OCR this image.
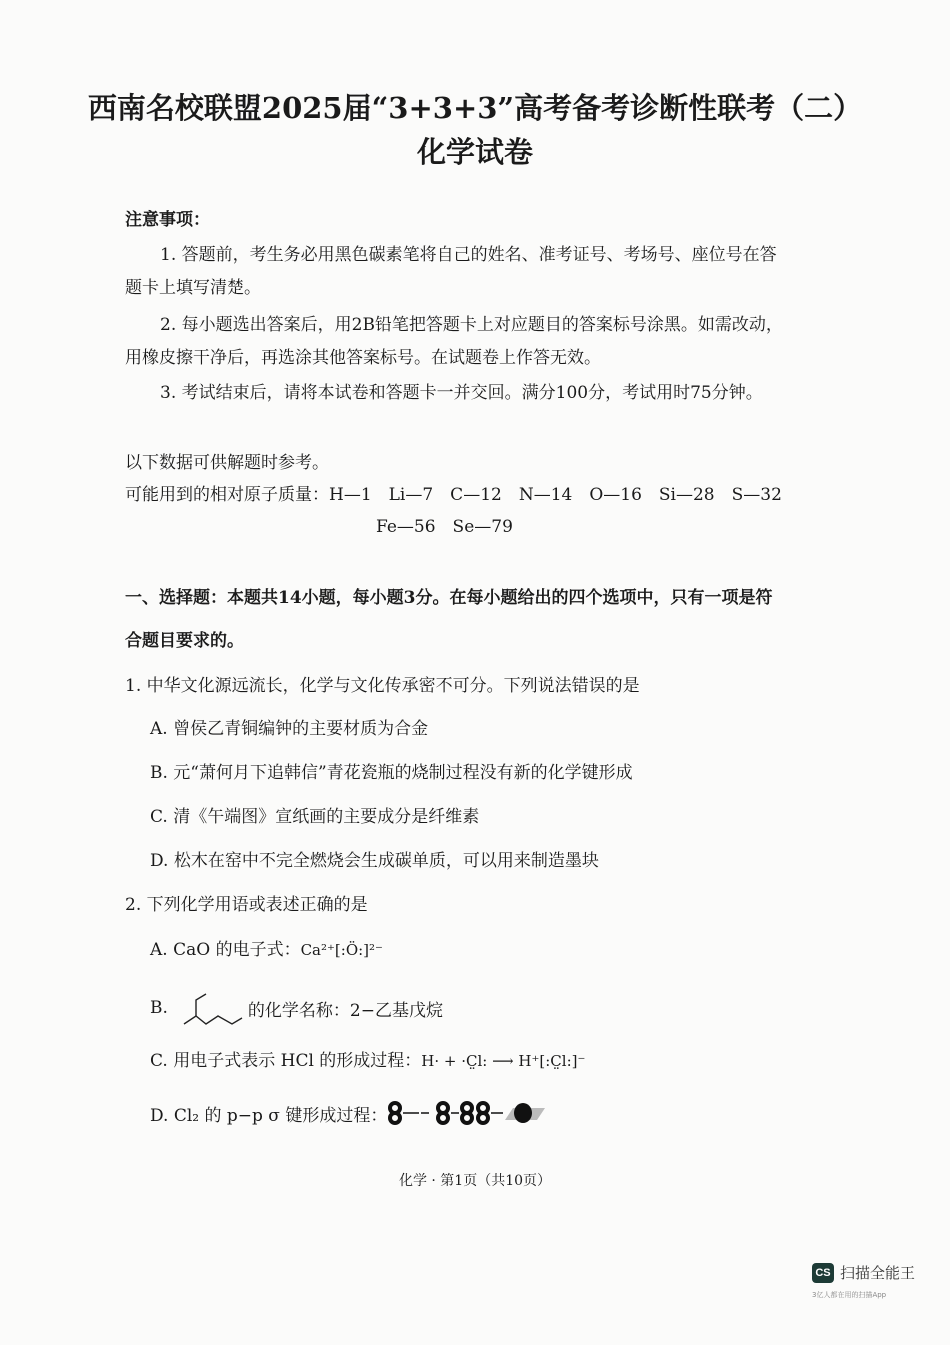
西南名校联盟2025届“3+3+3”高考备考诊断性联考（二）
化学试卷
注意事项：
1. 答题前，考生务必用黑色碳素笔将自己的姓名、准考证号、考场号、座位号在答
题卡上填写清楚。
2. 每小题选出答案后，用2B铅笔把答题卡上对应题目的答案标号涂黑。如需改动，
用橡皮擦干净后，再选涂其他答案标号。在试题卷上作答无效。
3. 考试结束后，请将本试卷和答题卡一并交回。满分100分，考试用时75分钟。
以下数据可供解题时参考。
可能用到的相对原子质量：H—1　Li—7　C—12　N—14　O—16　Si—28　S—32
Fe—56　Se—79
一、选择题：本题共14小题，每小题3分。在每小题给出的四个选项中，只有一项是符
合题目要求的。
1. 中华文化源远流长，化学与文化传承密不可分。下列说法错误的是
A. 曾侯乙青铜编钟的主要材质为合金
B. 元“萧何月下追韩信”青花瓷瓶的烧制过程没有新的化学键形成
C. 清《午端图》宣纸画的主要成分是纤维素
D. 松木在窑中不完全燃烧会生成碳单质，可以用来制造墨块
2. 下列化学用语或表述正确的是
A. CaO 的电子式：Ca²⁺[:Ö:]²⁻
B.	的化学名称：2−乙基戊烷
C. 用电子式表示 HCl 的形成过程：H· + ·C̤l: ⟶ H⁺[:C̤l:]⁻
D. Cl₂ 的 p−p σ 键形成过程：
化学 · 第1页（共10页）
CS 扫描全能王
3亿人都在用的扫描App
